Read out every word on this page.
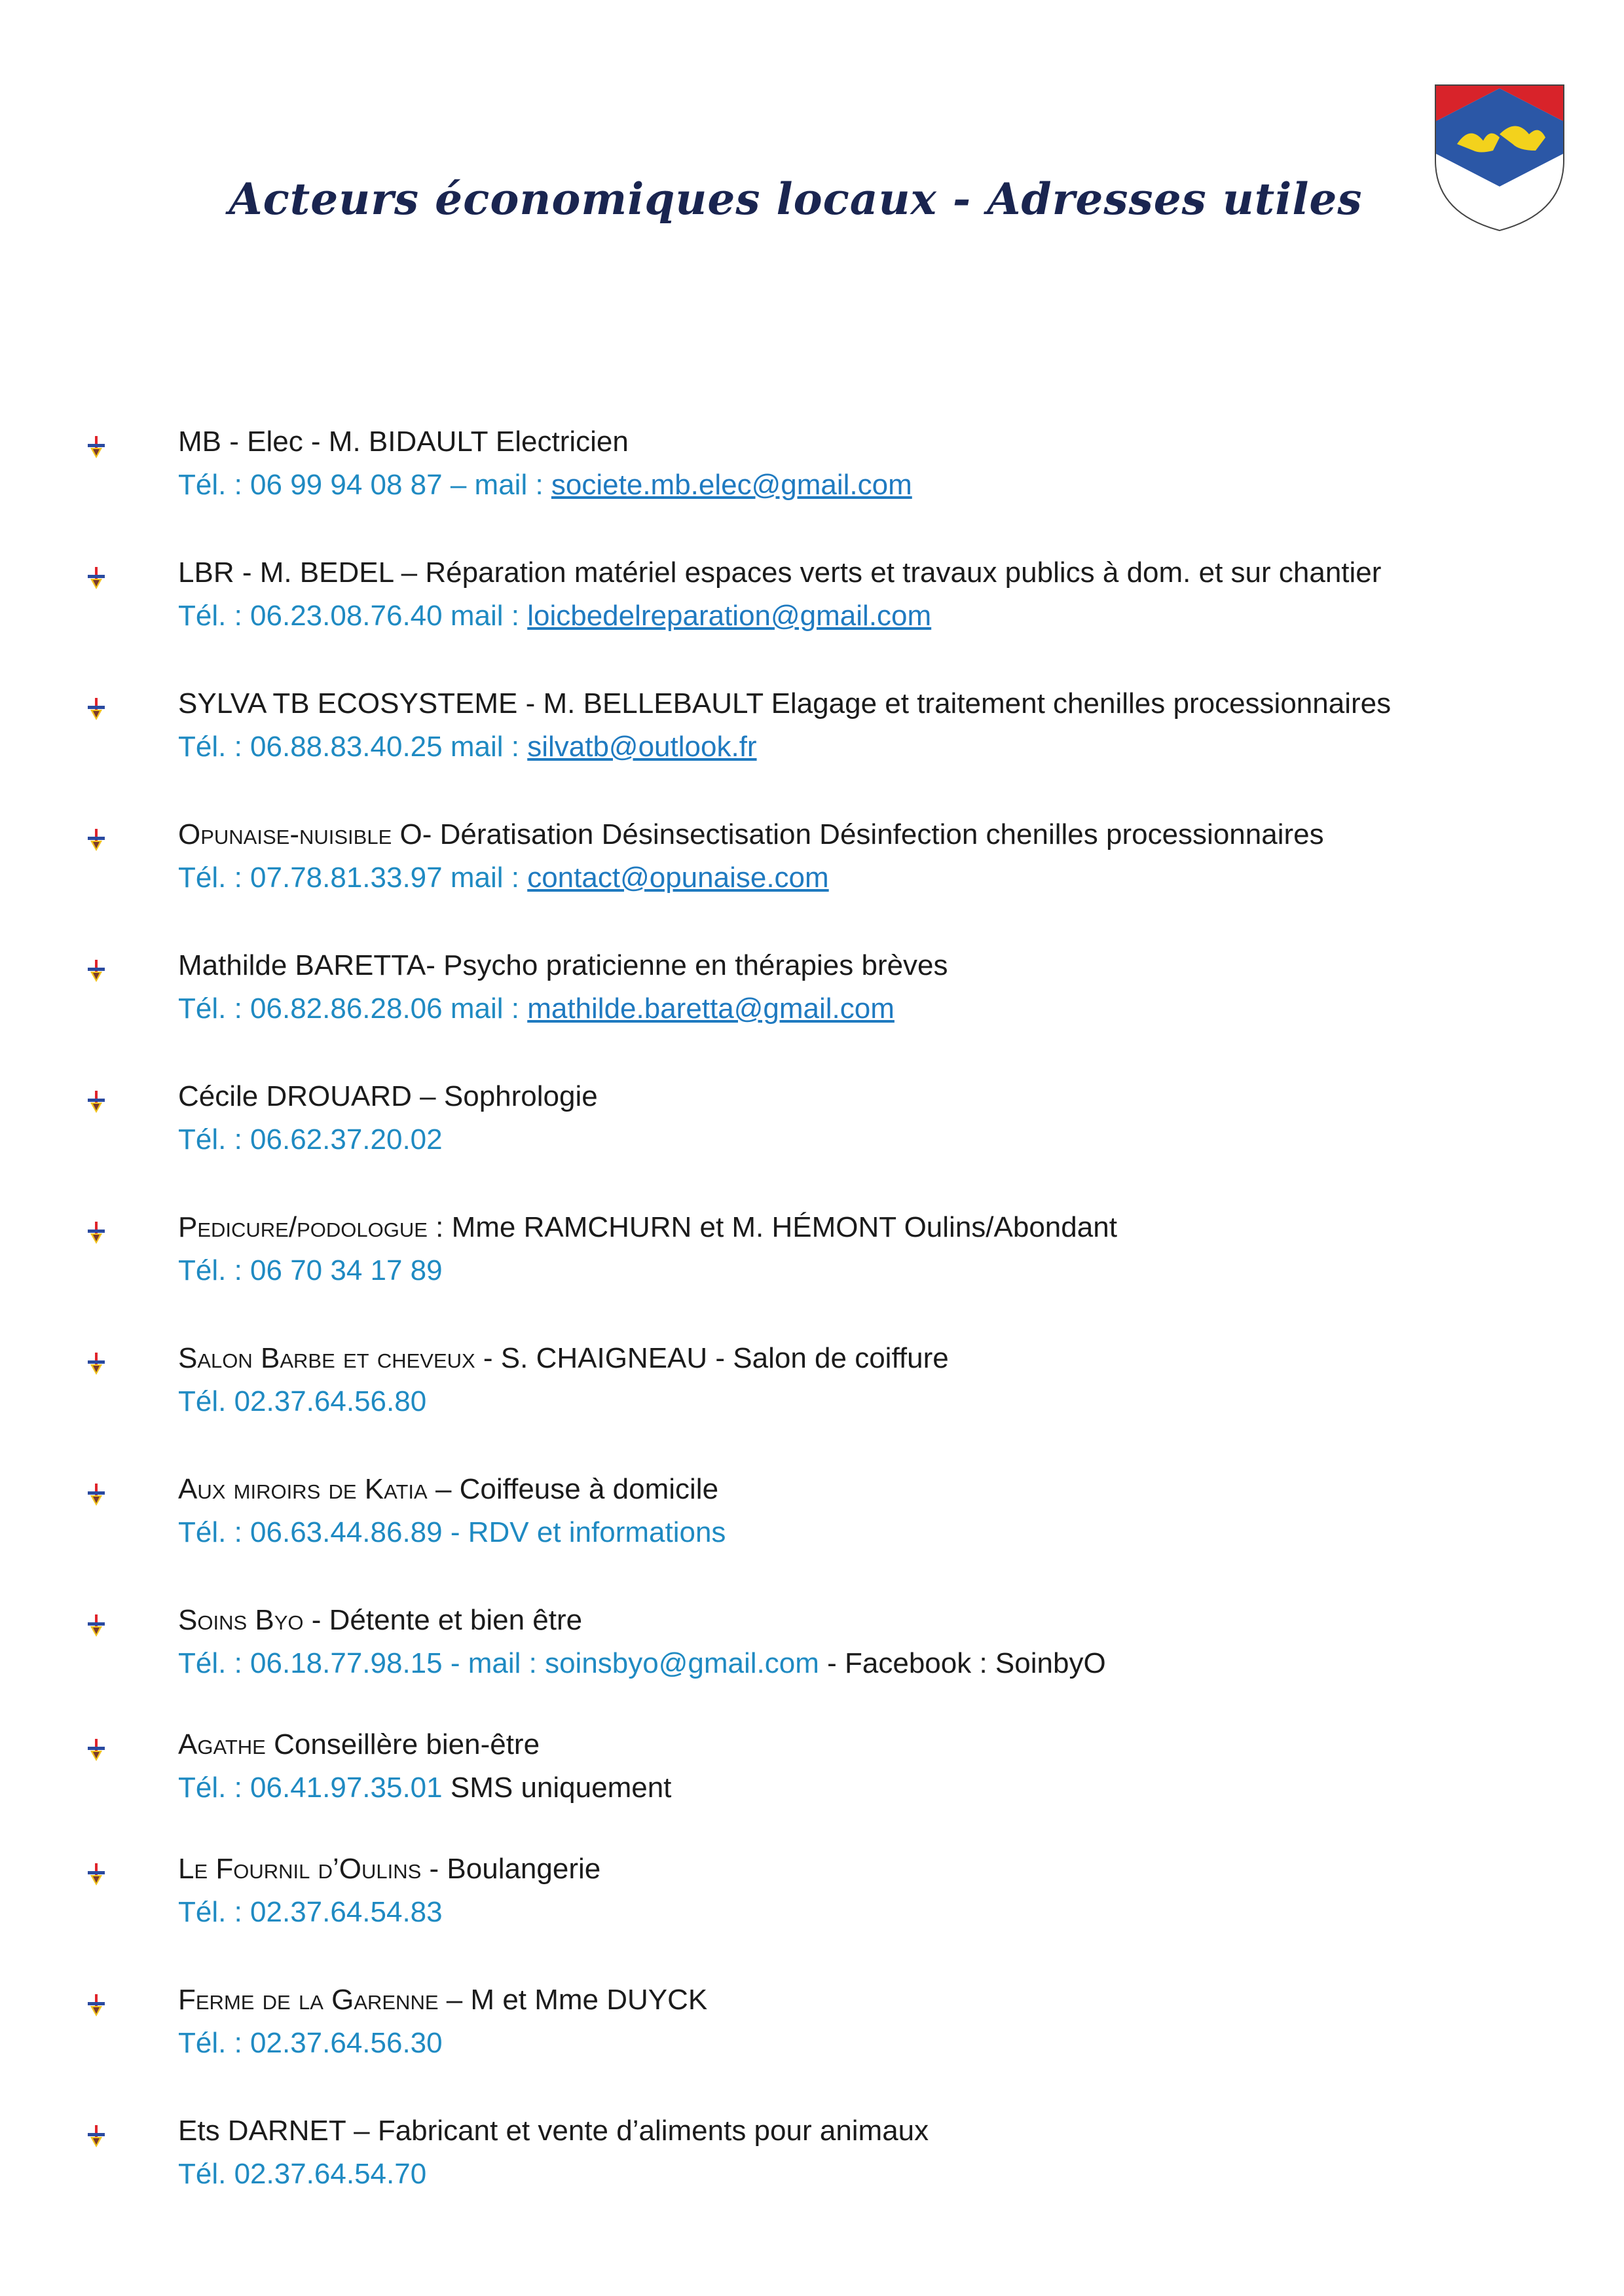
Acteurs économiques locaux - Adresses utiles
MB - Elec - M. BIDAULT Electricien
Tél. : 06 99 94 08 87 – mail : societe.mb.elec@gmail.com
LBR - M. BEDEL – Réparation matériel espaces verts et travaux publics à dom. et sur chantier
Tél. : 06.23.08.76.40 mail : loicbedelreparation@gmail.com
SYLVA TB ECOSYSTEME - M. BELLEBAULT Elagage et traitement chenilles processionnaires
Tél. : 06.88.83.40.25 mail : silvatb@outlook.fr
Opunaise-nuisible O- Dératisation Désinsectisation Désinfection chenilles processionnaires
Tél. : 07.78.81.33.97 mail : contact@opunaise.com
Mathilde BARETTA- Psycho praticienne en thérapies brèves
Tél. : 06.82.86.28.06 mail : mathilde.baretta@gmail.com
Cécile DROUARD – Sophrologie
Tél. : 06.62.37.20.02
Pedicure/podologue : Mme RAMCHURN et M. HÉMONT Oulins/Abondant
Tél. : 06 70 34 17 89
Salon Barbe et cheveux - S. CHAIGNEAU - Salon de coiffure
Tél. 02.37.64.56.80
Aux miroirs de Katia – Coiffeuse à domicile
Tél. : 06.63.44.86.89 - RDV et informations
Soins Byo - Détente et bien être
Tél. : 06.18.77.98.15 - mail : soinsbyo@gmail.com - Facebook : SoinbyO
Agathe Conseillère bien-être
Tél. : 06.41.97.35.01 SMS uniquement
Le Fournil d’Oulins - Boulangerie
Tél. : 02.37.64.54.83
Ferme de la Garenne – M et Mme DUYCK
Tél. : 02.37.64.56.30
Ets DARNET – Fabricant et vente d’aliments pour animaux
Tél. 02.37.64.54.70
